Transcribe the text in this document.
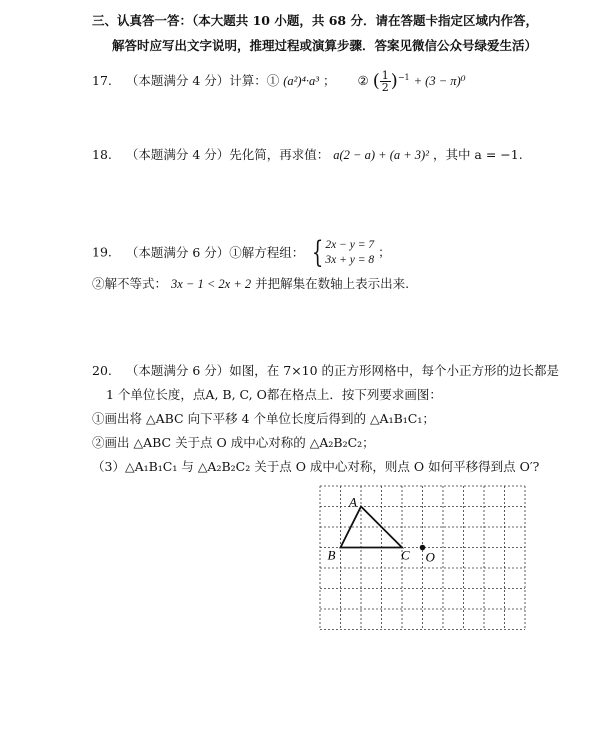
三、认真答一答：（本大题共 10 小题，共 68 分．请在答题卡指定区域内作答，
解答时应写出文字说明，推理过程或演算步骤．答案见微信公众号绿爱生活）
17. （本题满分 4 分）计算：① (a²)⁴·a³ ； ② ( $\frac{1}{2} )^{-1} + (3 - \pi)^0$
18. （本题满分 4 分）先化简，再求值： a(2 − a) + (a + 3)² ，其中 a = −1.
19. （本题满分 6 分）①解方程组： { 2x − y = 7
3x + y = 8
；
②解不等式： 3x − 1 < 2x + 2 并把解集在数轴上表示出来.
20. （本题满分 6 分）如图，在 7×10 的正方形网格中，每个小正方形的边长都是
1 个单位长度，点A, B, C, O都在格点上．按下列要求画图：
①画出将 △ABC 向下平移 4 个单位长度后得到的 △A₁B₁C₁；
②画出 △ABC 关于点 O 成中心对称的 △A₂B₂C₂；
（3）△A₁B₁C₁ 与 △A₂B₂C₂ 关于点 O 成中心对称，则点 O 如何平移得到点 O′?
A
B	C O
